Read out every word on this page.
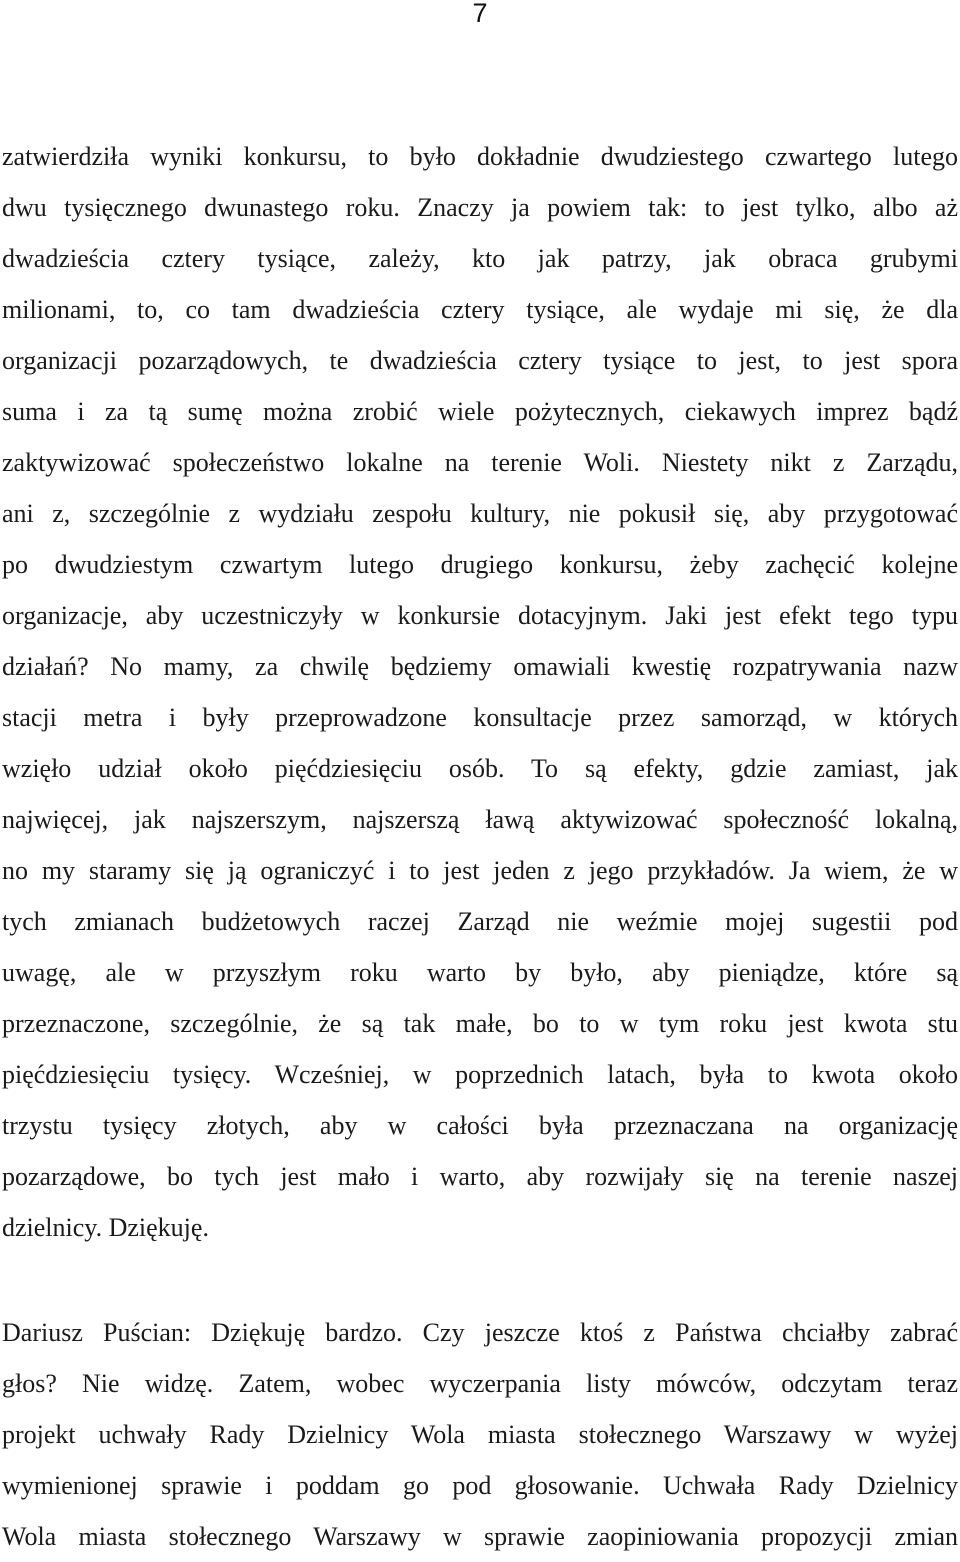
7
zatwierdziła wyniki konkursu, to było dokładnie dwudziestego czwartego lutego
dwu tysięcznego dwunastego roku. Znaczy ja powiem tak: to jest tylko, albo aż
dwadzieścia cztery tysiące, zależy, kto jak patrzy, jak obraca grubymi
milionami, to, co tam dwadzieścia cztery tysiące, ale wydaje mi się, że dla
organizacji pozarządowych, te dwadzieścia cztery tysiące to jest, to jest spora
suma i za tą sumę można zrobić wiele pożytecznych, ciekawych imprez bądź
zaktywizować społeczeństwo lokalne na terenie Woli. Niestety nikt z Zarządu,
ani z, szczególnie z wydziału zespołu kultury, nie pokusił się, aby przygotować
po dwudziestym czwartym lutego drugiego konkursu, żeby zachęcić kolejne
organizacje, aby uczestniczyły w konkursie dotacyjnym. Jaki jest efekt tego typu
działań? No mamy, za chwilę będziemy omawiali kwestię rozpatrywania nazw
stacji metra i były przeprowadzone konsultacje przez samorząd, w których
wzięło udział około pięćdziesięciu osób. To są efekty, gdzie zamiast, jak
najwięcej, jak najszerszym, najszerszą ławą aktywizować społeczność lokalną,
no my staramy się ją ograniczyć i to jest jeden z jego przykładów. Ja wiem, że w
tych zmianach budżetowych raczej Zarząd nie weźmie mojej sugestii pod
uwagę, ale w przyszłym roku warto by było, aby pieniądze, które są
przeznaczone, szczególnie, że są tak małe, bo to w tym roku jest kwota stu
pięćdziesięciu tysięcy. Wcześniej, w poprzednich latach, była to kwota około
trzystu tysięcy złotych, aby w całości była przeznaczana na organizację
pozarządowe, bo tych jest mało i warto, aby rozwijały się na terenie naszej
dzielnicy. Dziękuję.
Dariusz Puścian: Dziękuję bardzo. Czy jeszcze ktoś z Państwa chciałby zabrać
głos? Nie widzę. Zatem, wobec wyczerpania listy mówców, odczytam teraz
projekt uchwały Rady Dzielnicy Wola miasta stołecznego Warszawy w wyżej
wymienionej sprawie i poddam go pod głosowanie. Uchwała Rady Dzielnicy
Wola miasta stołecznego Warszawy w sprawie zaopiniowania propozycji zmian
